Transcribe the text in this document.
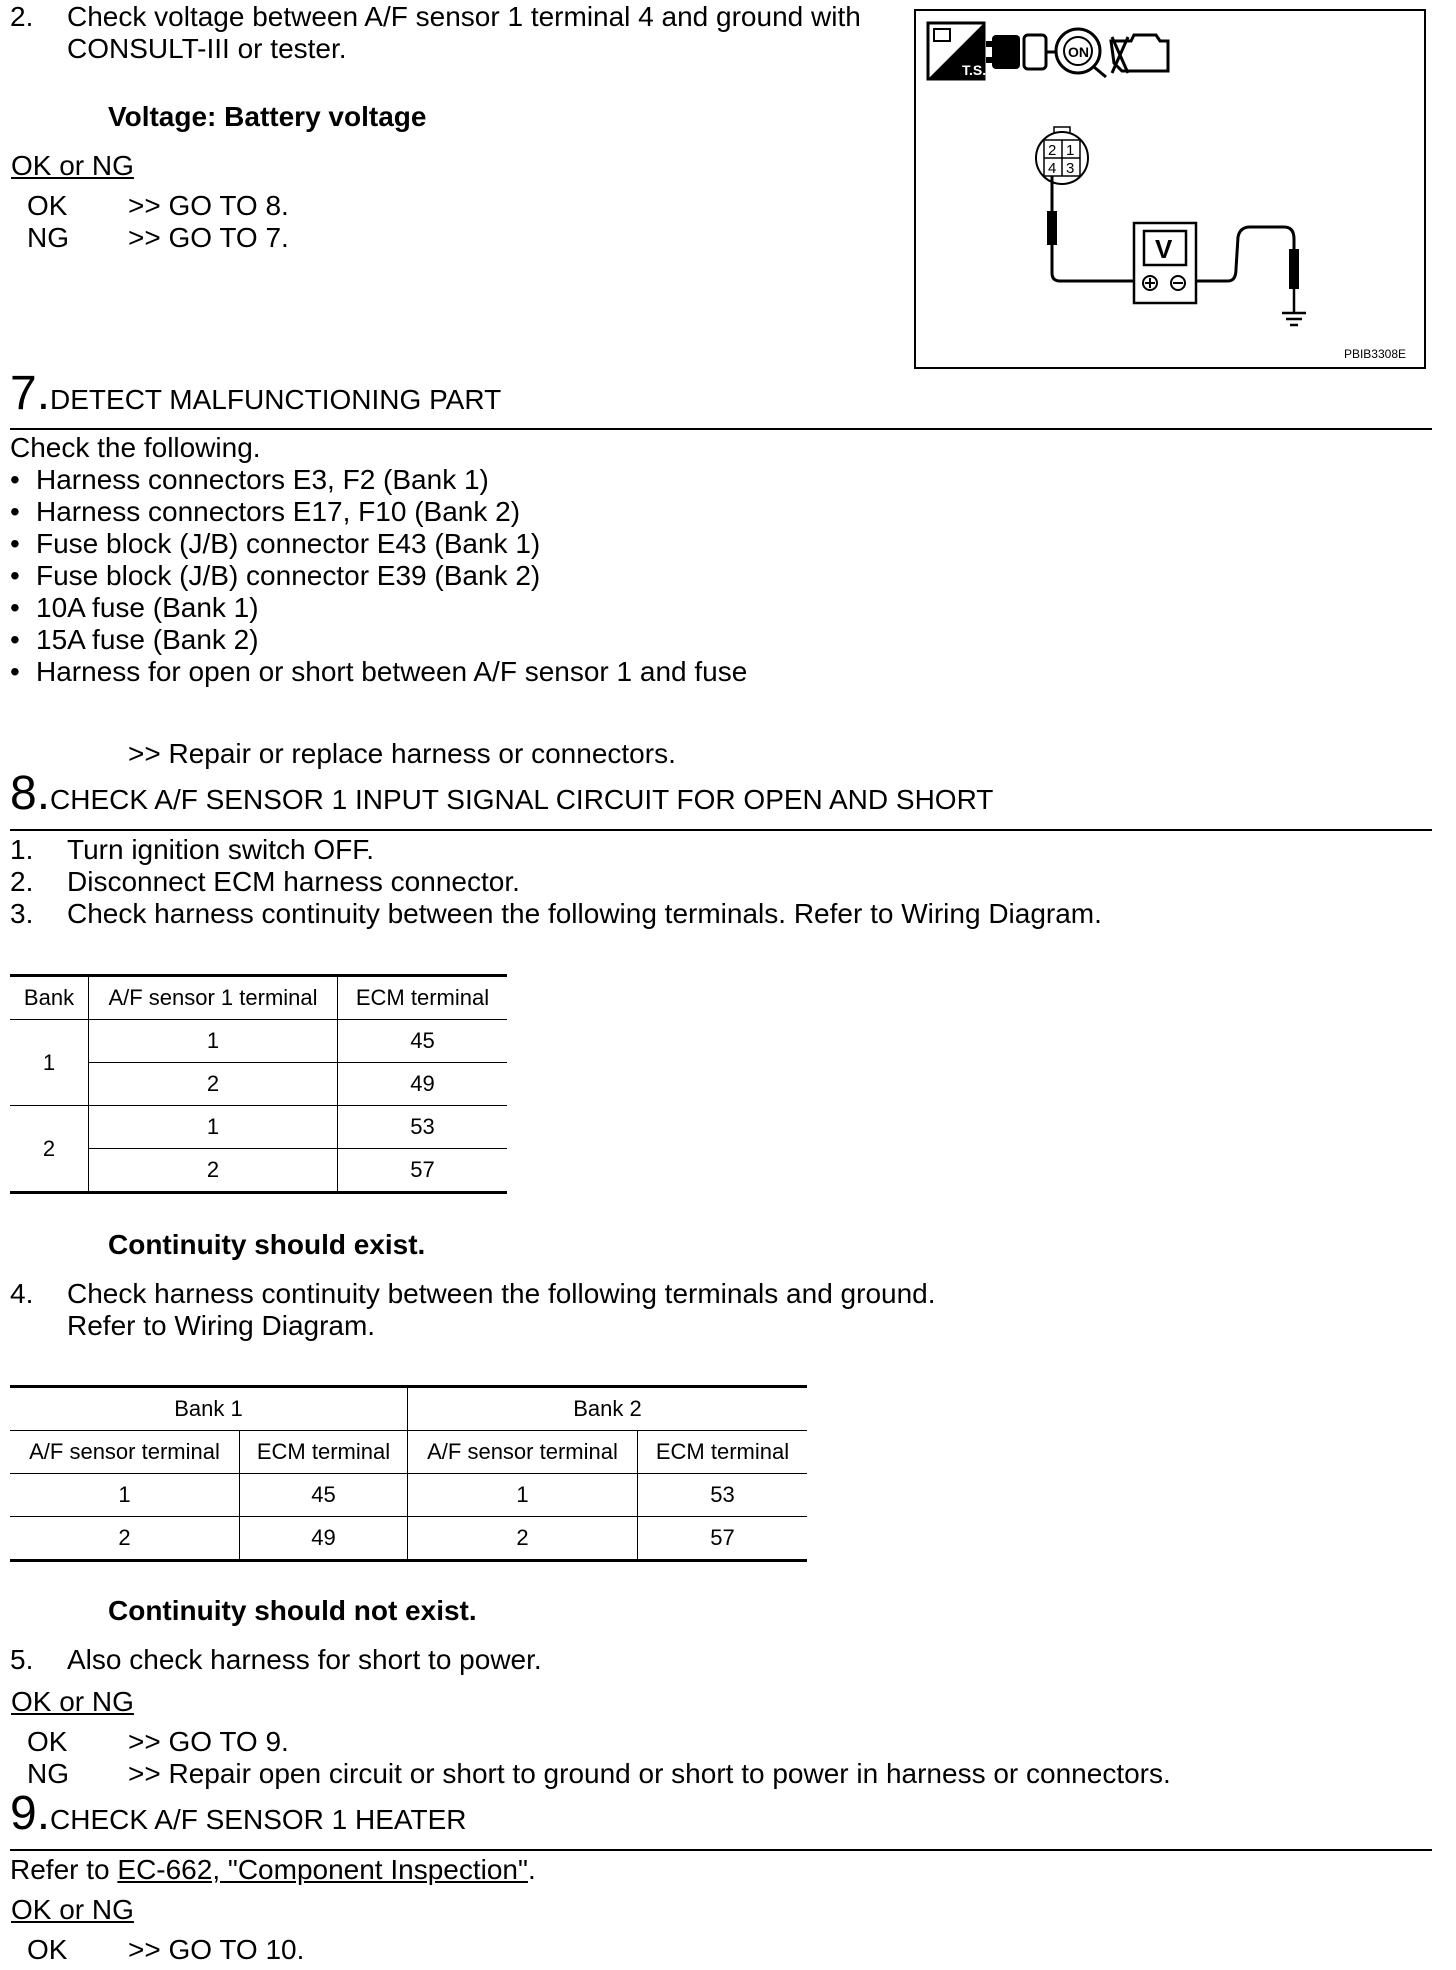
2. Check voltage between A/F sensor 1 terminal 4 and ground with
CONSULT-III or tester.
Voltage: Battery voltage
OK or NG
OK >> GO TO 8.
NG >> GO TO 7.
T.S.
ON
2 1
4 3
V
PBIB3308E
7.DETECT MALFUNCTIONING PART
Check the following.
• Harness connectors E3, F2 (Bank 1)
• Harness connectors E17, F10 (Bank 2)
• Fuse block (J/B) connector E43 (Bank 1)
• Fuse block (J/B) connector E39 (Bank 2)
• 10A fuse (Bank 1)
• 15A fuse (Bank 2)
• Harness for open or short between A/F sensor 1 and fuse
>> Repair or replace harness or connectors.
8.CHECK A/F SENSOR 1 INPUT SIGNAL CIRCUIT FOR OPEN AND SHORT
1. Turn ignition switch OFF.
2. Disconnect ECM harness connector.
3. Check harness continuity between the following terminals. Refer to Wiring Diagram.
Bank	A/F sensor 1 terminal	ECM terminal
1	1	45
	2	49
2	1	53
	2	57
Continuity should exist.
4. Check harness continuity between the following terminals and ground.
Refer to Wiring Diagram.
Bank 1		Bank 2	
A/F sensor terminal	ECM terminal	A/F sensor terminal	ECM terminal
1	45	1	53
2	49	2	57
Continuity should not exist.
5. Also check harness for short to power.
OK or NG
OK >> GO TO 9.
NG >> Repair open circuit or short to ground or short to power in harness or connectors.
9.CHECK A/F SENSOR 1 HEATER
Refer to EC-662, "Component Inspection".
OK or NG
OK >> GO TO 10.
